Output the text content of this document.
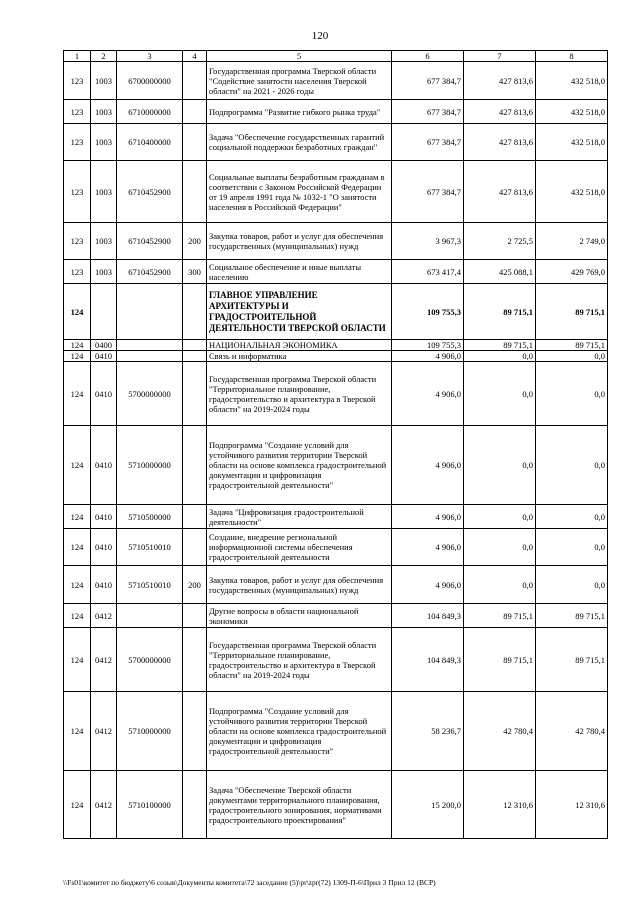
120
1	2	3	4	5	6	7	8
123	1003	6700000000		Государственная программа Тверской области "Содействие занятости населения Тверской области" на 2021 - 2026 годы	677 384,7	427 813,6	432 518,0
123	1003	6710000000		Подпрограмма "Развитие гибкого рынка труда"	677 384,7	427 813,6	432 518,0
123	1003	6710400000		Задача "Обеспечение государственных гарантий социальной поддержки безработных граждан"	677 384,7	427 813,6	432 518,0
123	1003	6710452900		Социальные выплаты безработным гражданам в соответствии с Законом Российской Федерации от 19 апреля 1991 года № 1032-1 "О занятости населения в Российской Федерации"	677 384,7	427 813,6	432 518,0
123	1003	6710452900	200	Закупка товаров, работ и услуг для обеспечения государственных (муниципальных) нужд	3 967,3	2 725,5	2 749,0
123	1003	6710452900	300	Социальное обеспечение и иные выплаты населению	673 417,4	425 088,1	429 769,0
124				ГЛАВНОЕ УПРАВЛЕНИЕ АРХИТЕКТУРЫ И ГРАДОСТРОИТЕЛЬНОЙ ДЕЯТЕЛЬНОСТИ ТВЕРСКОЙ ОБЛАСТИ	109 755,3	89 715,1	89 715,1
124	0400			НАЦИОНАЛЬНАЯ ЭКОНОМИКА	109 755,3	89 715,1	89 715,1
124	0410			Связь и информатика	4 906,0	0,0	0,0
124	0410	5700000000		Государственная программа Тверской области "Территориальное планирование, градостроительство и архитектура в Тверской области" на 2019-2024 годы	4 906,0	0,0	0,0
124	0410	5710000000		Подпрограмма "Создание условий для устойчивого развития территории Тверской области на основе комплекса градостроительной документации и цифровизация градостроительной деятельности"	4 906,0	0,0	0,0
124	0410	5710500000		Задача "Цифровизация градостроительной деятельности"	4 906,0	0,0	0,0
124	0410	5710510010		Создание, внедрение региональной информационной системы обеспечения градостроительной деятельности	4 906,0	0,0	0,0
124	0410	5710510010	200	Закупка товаров, работ и услуг для обеспечения государственных (муниципальных) нужд	4 906,0	0,0	0,0
124	0412			Другие вопросы в области национальной экономики	104 849,3	89 715,1	89 715,1
124	0412	5700000000		Государственная программа Тверской области "Территориальное планирование, градостроительство и архитектура в Тверской области" на 2019-2024 годы	104 849,3	89 715,1	89 715,1
124	0412	5710000000		Подпрограмма "Создание условий для устойчивого развития территории Тверской области на основе комплекса градостроительной документации и цифровизация градостроительной деятельности"	58 236,7	42 780,4	42 780,4
124	0412	5710100000		Задача "Обеспечение Тверской области документами территориального планирования, градостроительного зонирования, нормативами градостроительного проектирования"	15 200,0	12 310,6	12 310,6
\\Fs01\комитет по бюджету\6 созыв\Документы комитета\72 заседание (5)\pr\zpr(72) 1309-П-6\Прил 3 Прил 12 (ВСР)
